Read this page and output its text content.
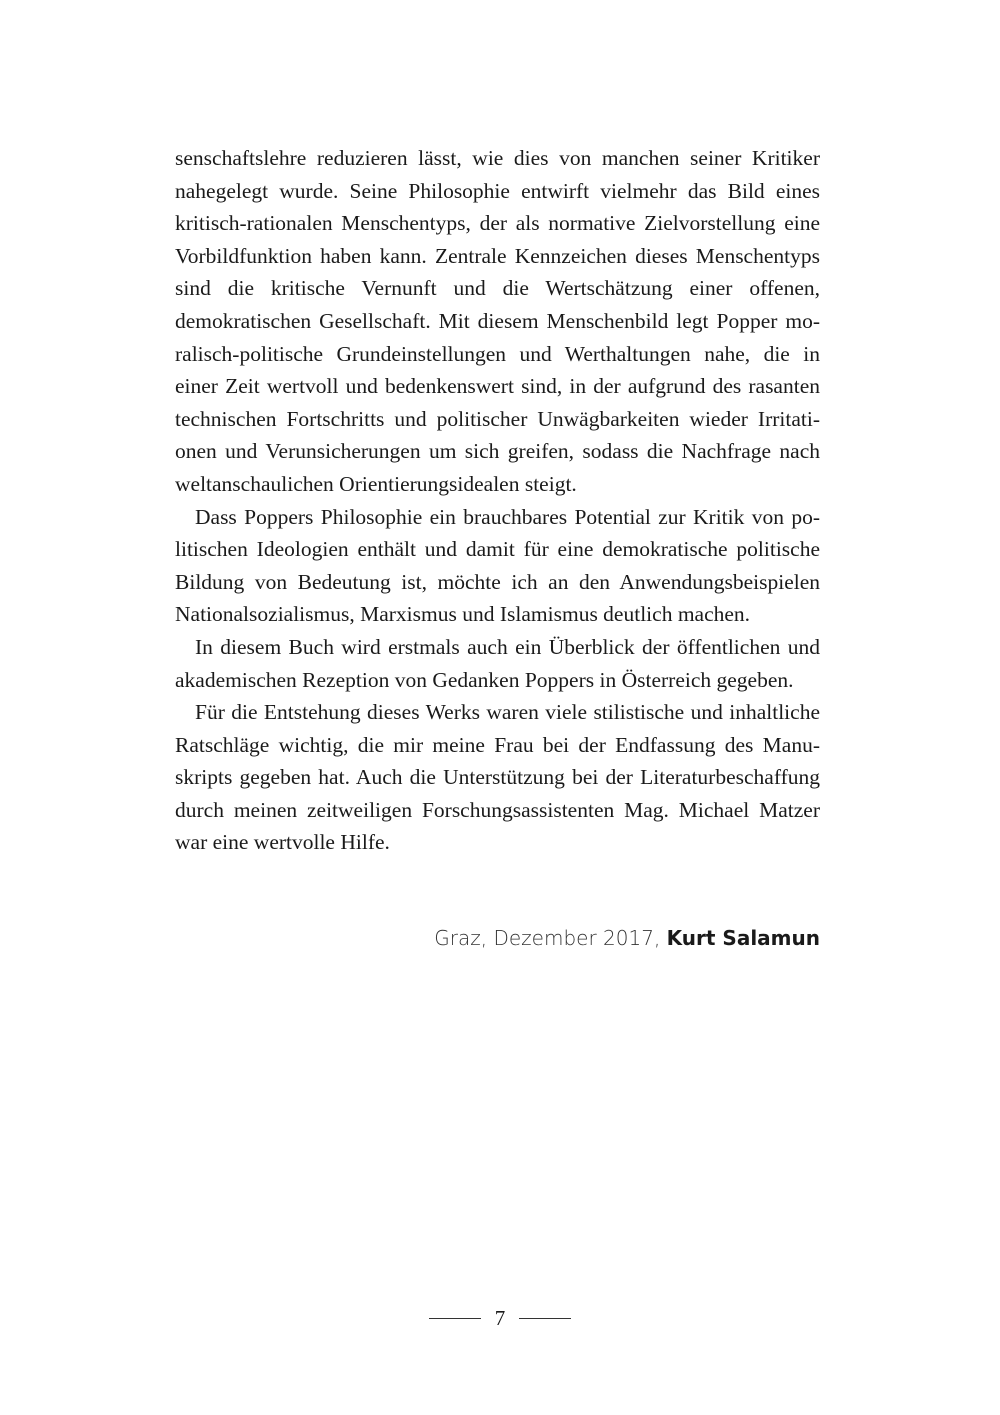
senschaftslehre reduzieren lässt, wie dies von manchen seiner Kritiker nahegelegt wurde. Seine Philosophie entwirft vielmehr das Bild eines kritisch-rationalen Menschentyps, der als normative Zielvorstellung eine Vorbildfunktion haben kann. Zentrale Kennzeichen dieses Menschentyps sind die kritische Vernunft und die Wertschätzung einer offenen, demokratischen Gesellschaft. Mit diesem Menschenbild legt Popper moralisch-politische Grundeinstellungen und Werthaltungen nahe, die in einer Zeit wertvoll und bedenkenswert sind, in der aufgrund des rasanten technischen Fortschritts und politischer Unwägbarkeiten wieder Irritationen und Verunsicherungen um sich greifen, sodass die Nachfrage nach weltanschaulichen Orientierungsidealen steigt.

Dass Poppers Philosophie ein brauchbares Potential zur Kritik von politischen Ideologien enthält und damit für eine demokratische politische Bildung von Bedeutung ist, möchte ich an den Anwendungsbeispielen Nationalsozialismus, Marxismus und Islamismus deutlich machen.

In diesem Buch wird erstmals auch ein Überblick der öffentlichen und akademischen Rezeption von Gedanken Poppers in Österreich gegeben.

Für die Entstehung dieses Werks waren viele stilistische und inhaltliche Ratschläge wichtig, die mir meine Frau bei der Endfassung des Manuskripts gegeben hat. Auch die Unterstützung bei der Literaturbeschaffung durch meinen zeitweiligen Forschungsassistenten Mag. Michael Matzer war eine wertvolle Hilfe.

Graz, Dezember 2017, Kurt Salamun
7
